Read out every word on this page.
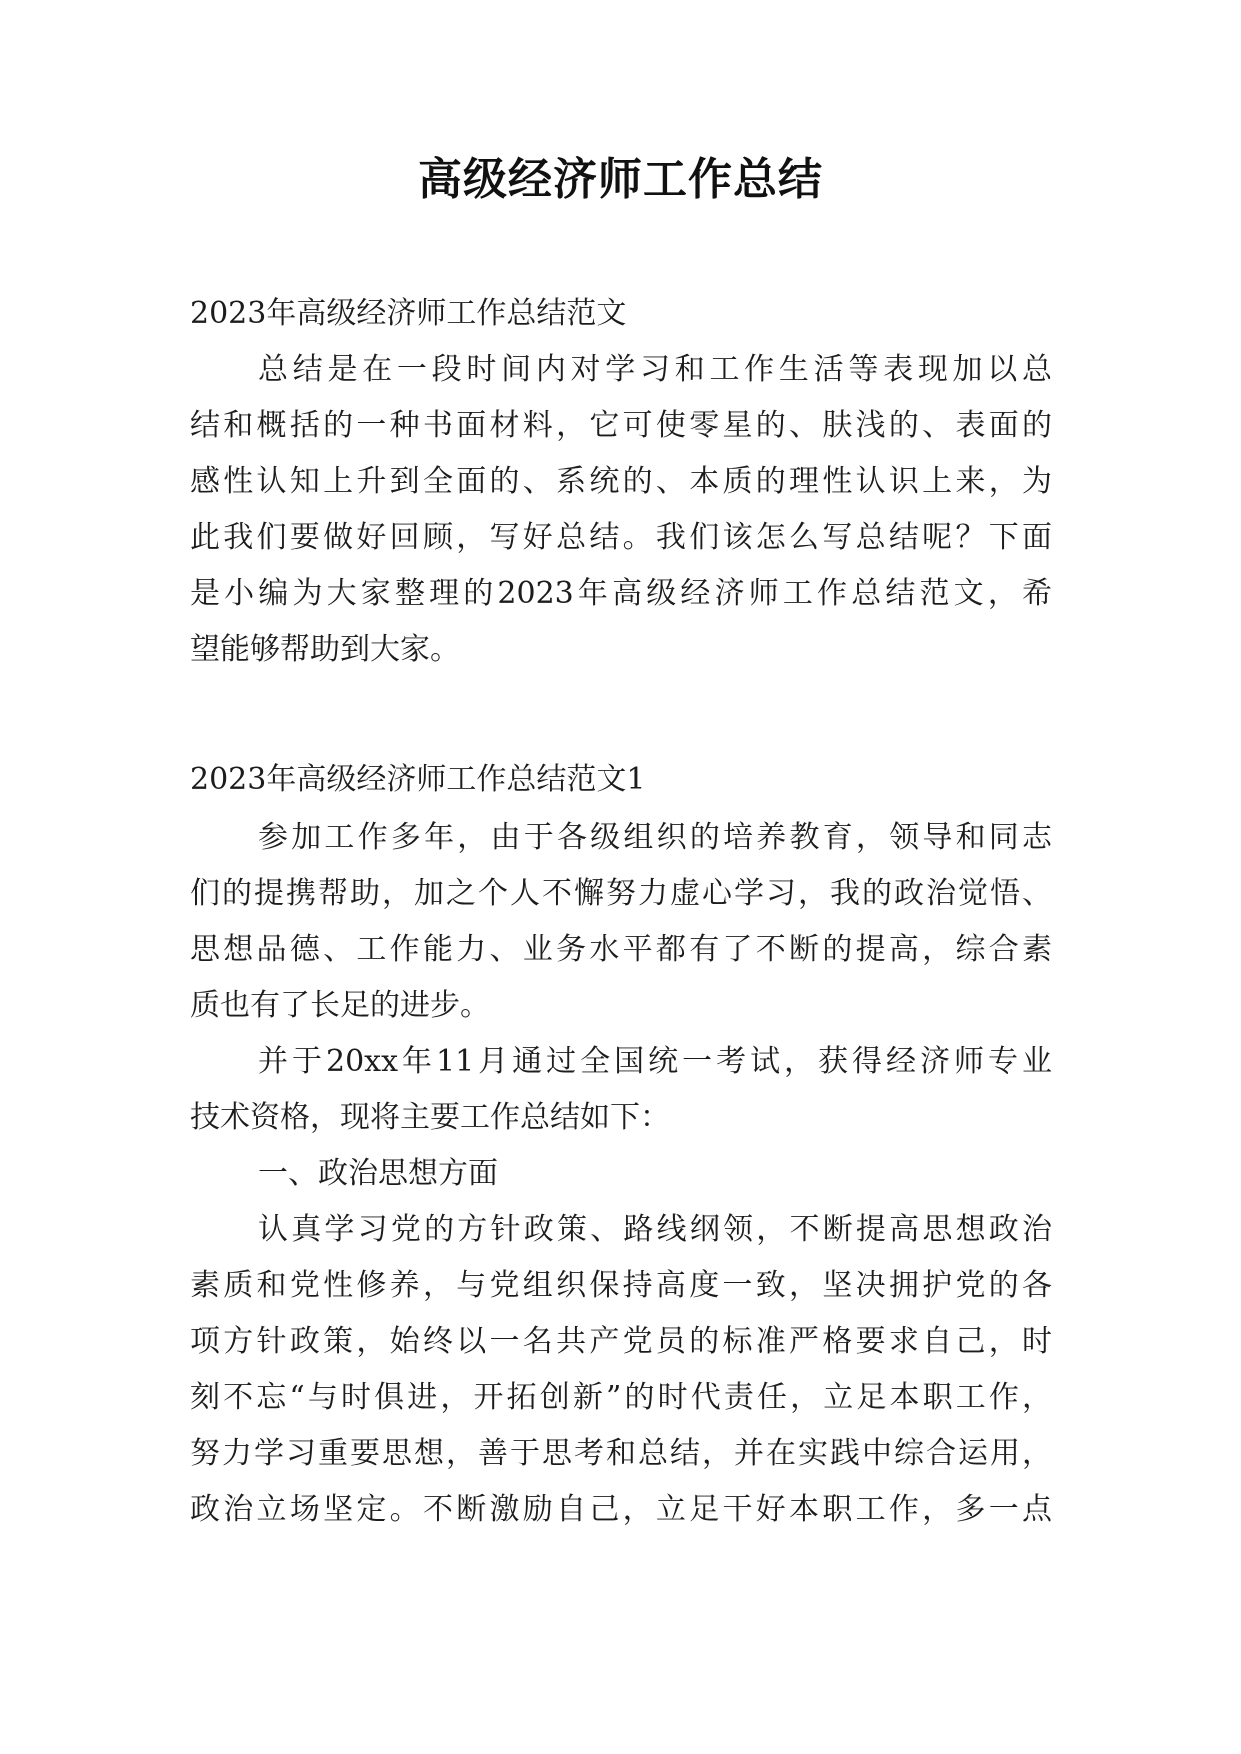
高级经济师工作总结
2023年高级经济师工作总结范文
总结是在一段时间内对学习和工作生活等表现加以总
结和概括的一种书面材料，它可使零星的、肤浅的、表面的
感性认知上升到全面的、系统的、本质的理性认识上来，为
此我们要做好回顾，写好总结。我们该怎么写总结呢？下面
是小编为大家整理的2023年高级经济师工作总结范文，希
望能够帮助到大家。
2023年高级经济师工作总结范文1
参加工作多年，由于各级组织的培养教育，领导和同志
们的提携帮助，加之个人不懈努力虚心学习，我的政治觉悟、
思想品德、工作能力、业务水平都有了不断的提高，综合素
质也有了长足的进步。
并于20xx年11月通过全国统一考试，获得经济师专业
技术资格，现将主要工作总结如下：
一、政治思想方面
认真学习党的方针政策、路线纲领，不断提高思想政治
素质和党性修养，与党组织保持高度一致，坚决拥护党的各
项方针政策，始终以一名共产党员的标准严格要求自己，时
刻不忘“与时俱进，开拓创新”的时代责任，立足本职工作，
努力学习重要思想，善于思考和总结，并在实践中综合运用，
政治立场坚定。不断激励自己，立足干好本职工作，多一点
